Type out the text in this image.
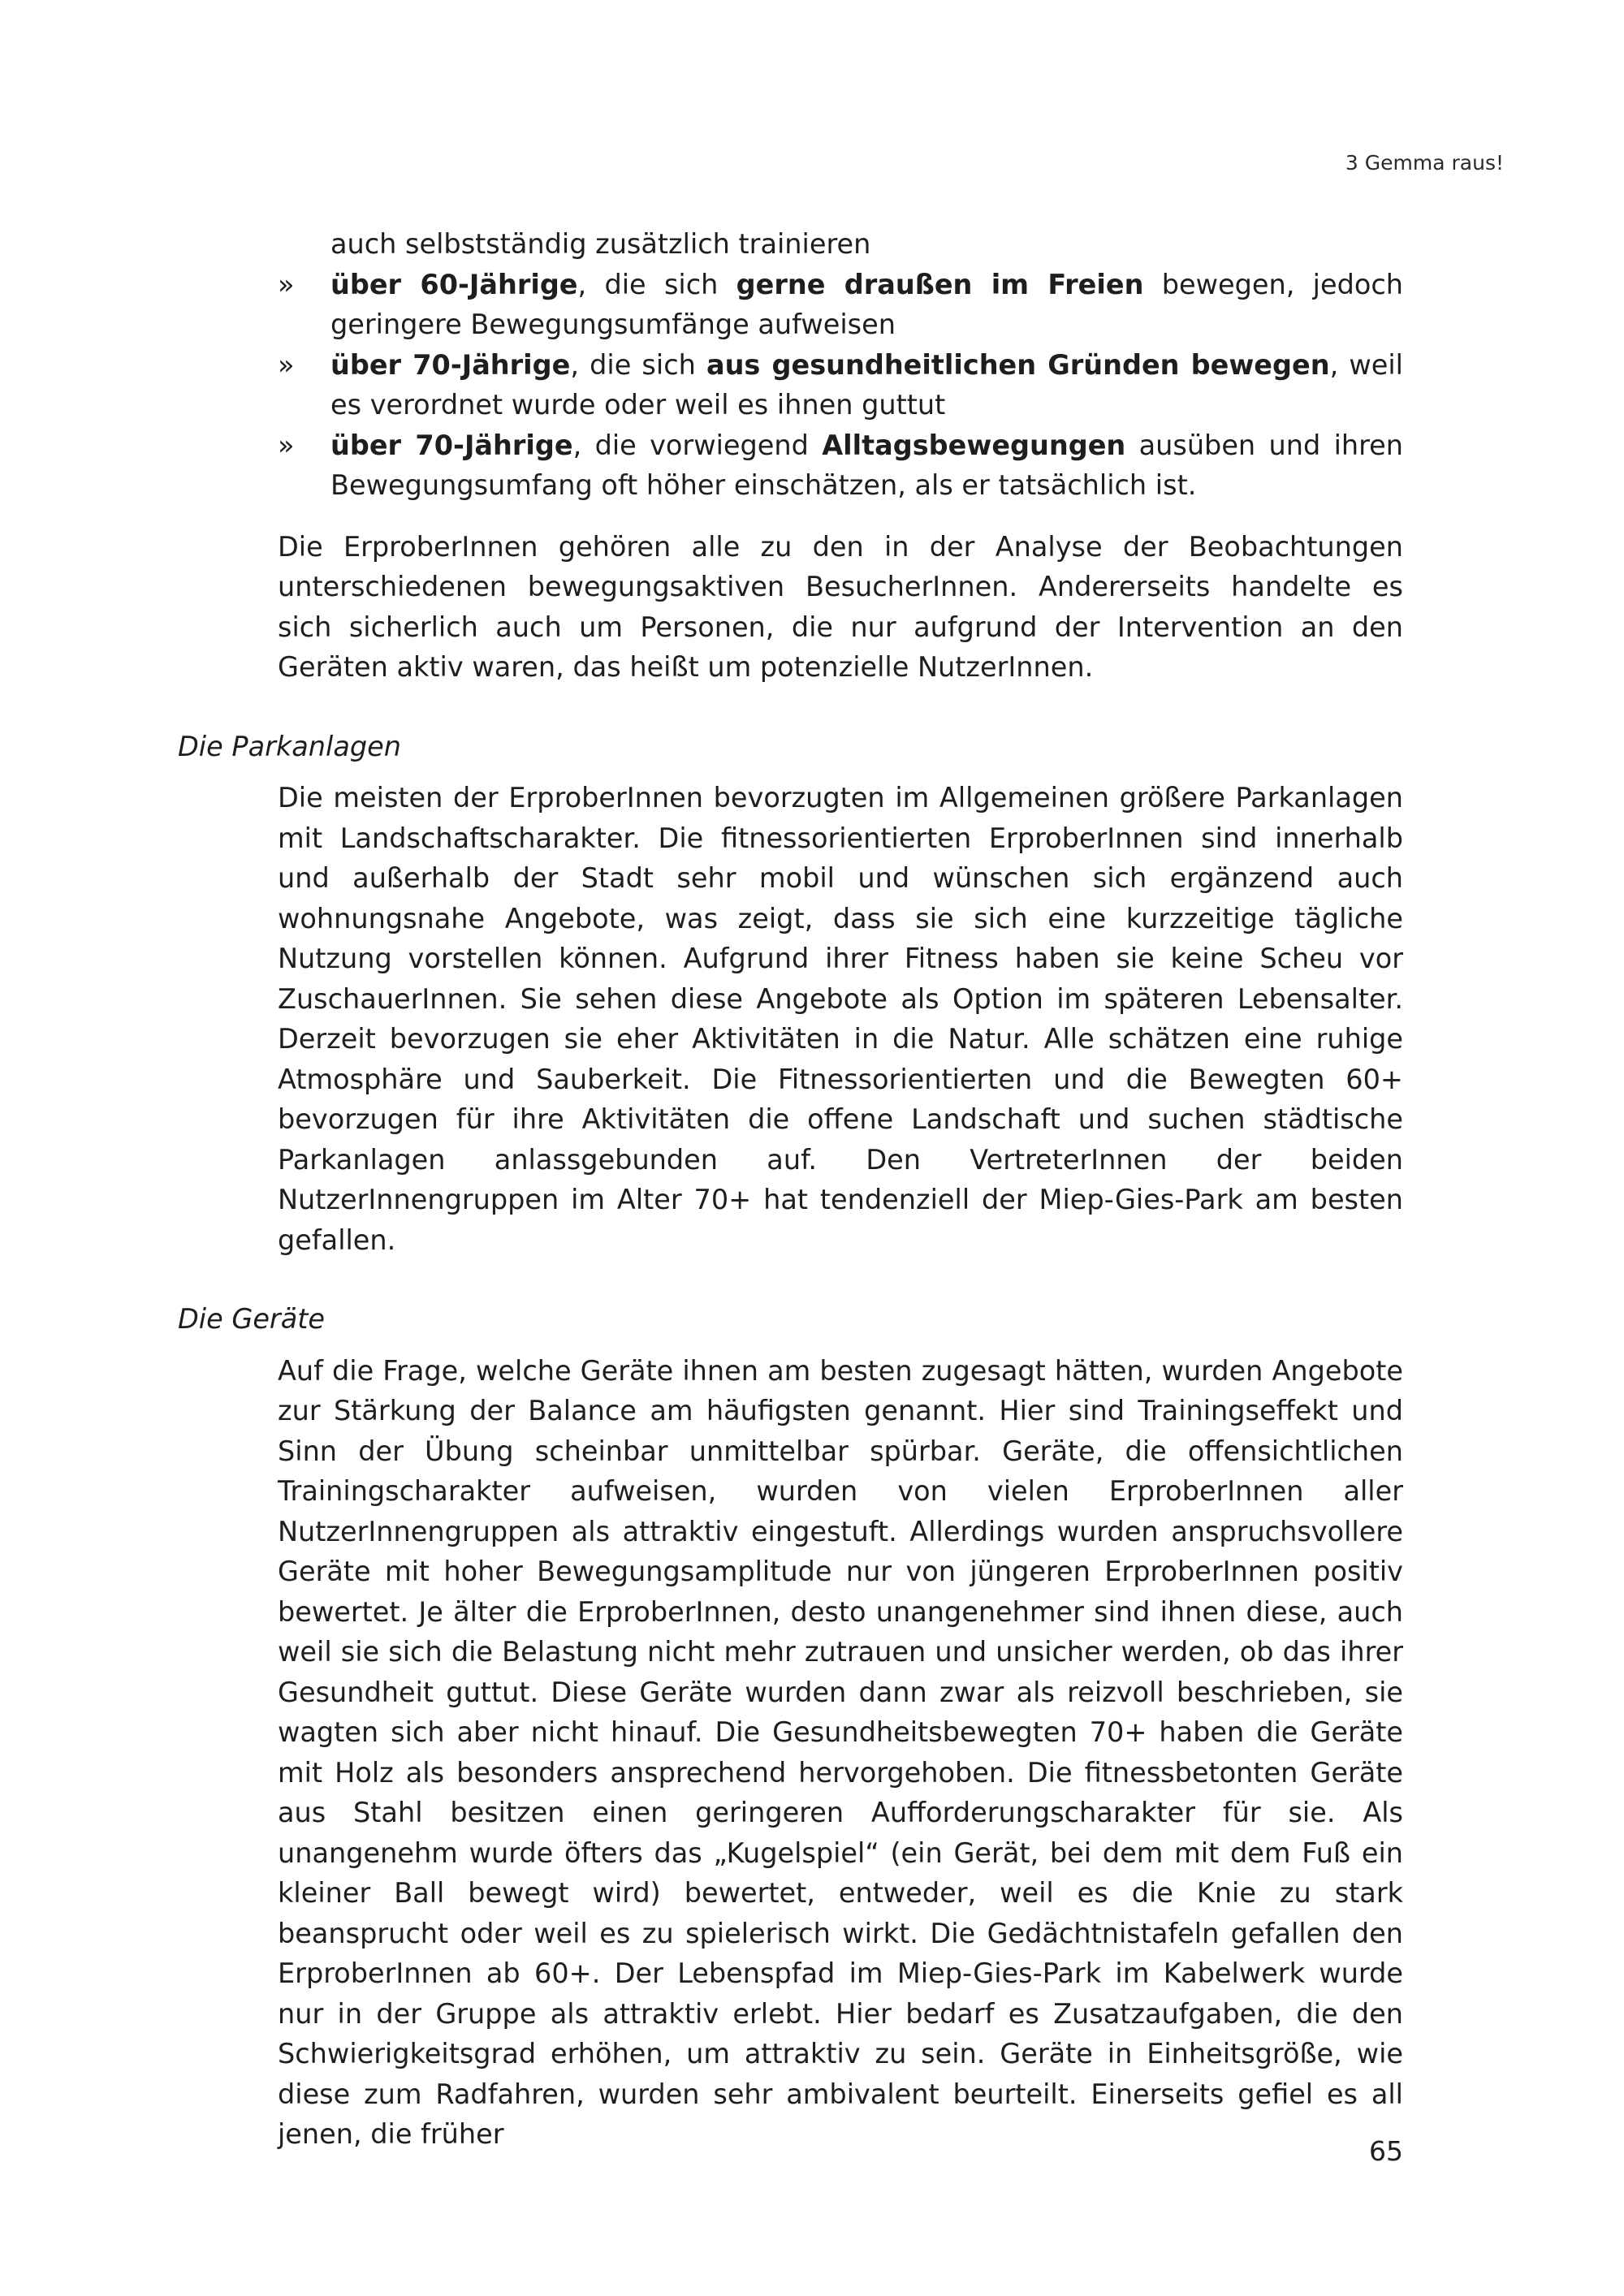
3 Gemma raus!

auch selbstständig zusätzlich trainieren

» über 60-Jährige, die sich gerne draußen im Freien bewegen, jedoch geringere Bewegungsumfänge aufweisen

» über 70-Jährige, die sich aus gesundheitlichen Gründen bewegen, weil es verordnet wurde oder weil es ihnen guttut

» über 70-Jährige, die vorwiegend Alltagsbewegungen ausüben und ihren Bewegungsumfang oft höher einschätzen, als er tatsächlich ist.

Die ErproberInnen gehören alle zu den in der Analyse der Beobachtungen unterschiedenen bewegungsaktiven BesucherInnen. Andererseits handelte es sich sicherlich auch um Personen, die nur aufgrund der Intervention an den Geräten aktiv waren, das heißt um potenzielle NutzerInnen.

Die Parkanlagen

Die meisten der ErproberInnen bevorzugten im Allgemeinen größere Parkanlagen mit Landschaftscharakter. Die fitnessorientierten ErproberInnen sind innerhalb und außerhalb der Stadt sehr mobil und wünschen sich ergänzend auch wohnungsnahe Angebote, was zeigt, dass sie sich eine kurzzeitige tägliche Nutzung vorstellen können. Aufgrund ihrer Fitness haben sie keine Scheu vor ZuschauerInnen. Sie sehen diese Angebote als Option im späteren Lebensalter. Derzeit bevorzugen sie eher Aktivitäten in die Natur. Alle schätzen eine ruhige Atmosphäre und Sauberkeit. Die Fitnessorientierten und die Bewegten 60+ bevorzugen für ihre Aktivitäten die offene Landschaft und suchen städtische Parkanlagen anlassgebunden auf. Den VertreterInnen der beiden NutzerInnengruppen im Alter 70+ hat tendenziell der Miep-Gies-Park am besten gefallen.

Die Geräte

Auf die Frage, welche Geräte ihnen am besten zugesagt hätten, wurden Angebote zur Stärkung der Balance am häufigsten genannt. Hier sind Trainingseffekt und Sinn der Übung scheinbar unmittelbar spürbar. Geräte, die offensichtlichen Trainingscharakter aufweisen, wurden von vielen ErproberInnen aller NutzerInnengruppen als attraktiv eingestuft. Allerdings wurden anspruchsvollere Geräte mit hoher Bewegungsamplitude nur von jüngeren ErproberInnen positiv bewertet. Je älter die ErproberInnen, desto unangenehmer sind ihnen diese, auch weil sie sich die Belastung nicht mehr zutrauen und unsicher werden, ob das ihrer Gesundheit guttut. Diese Geräte wurden dann zwar als reizvoll beschrieben, sie wagten sich aber nicht hinauf. Die Gesundheitsbewegten 70+ haben die Geräte mit Holz als besonders ansprechend hervorgehoben. Die fitnessbetonten Geräte aus Stahl besitzen einen geringeren Aufforderungscharakter für sie. Als unangenehm wurde öfters das „Kugelspiel“ (ein Gerät, bei dem mit dem Fuß ein kleiner Ball bewegt wird) bewertet, entweder, weil es die Knie zu stark beansprucht oder weil es zu spielerisch wirkt. Die Gedächtnistafeln gefallen den ErproberInnen ab 60+. Der Lebenspfad im Miep-Gies-Park im Kabelwerk wurde nur in der Gruppe als attraktiv erlebt. Hier bedarf es Zusatzaufgaben, die den Schwierigkeitsgrad erhöhen, um attraktiv zu sein. Geräte in Einheitsgröße, wie diese zum Radfahren, wurden sehr ambivalent beurteilt. Einerseits gefiel es all jenen, die früher

65
